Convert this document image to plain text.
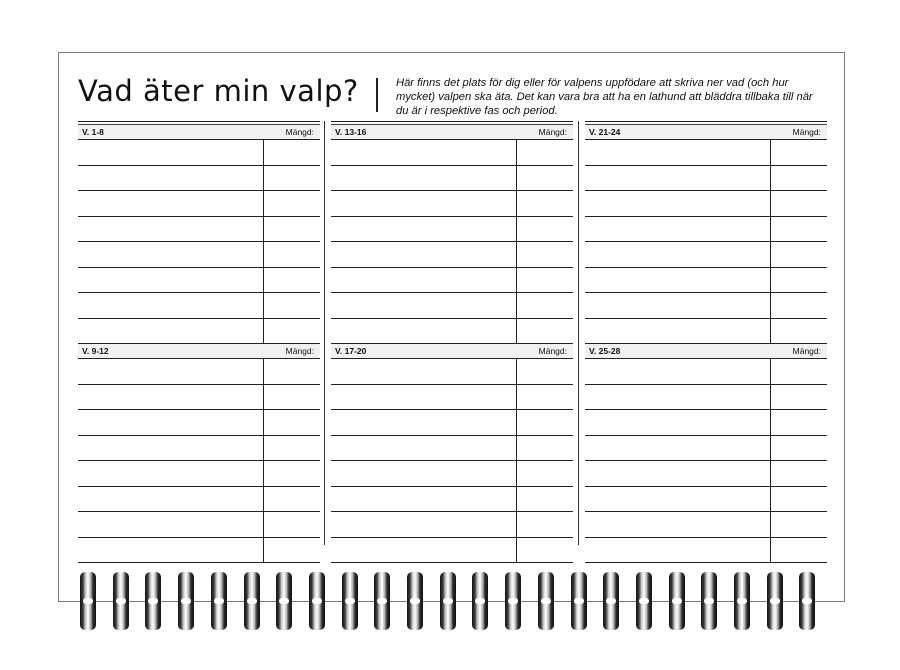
Vad äter min valp?	Här finns det plats för dig eller för valpens uppfödare att skriva ner vad (och hur mycket) valpen ska äta. Det kan vara bra att ha en lathund att bläddra tillbaka till när du är i respektive fas och period.
V. 1-8	Mängd:
V. 9-12	Mängd:
V. 13-16	Mängd:
V. 17-20	Mängd:
V. 21-24	Mängd:
V. 25-28	Mängd:
